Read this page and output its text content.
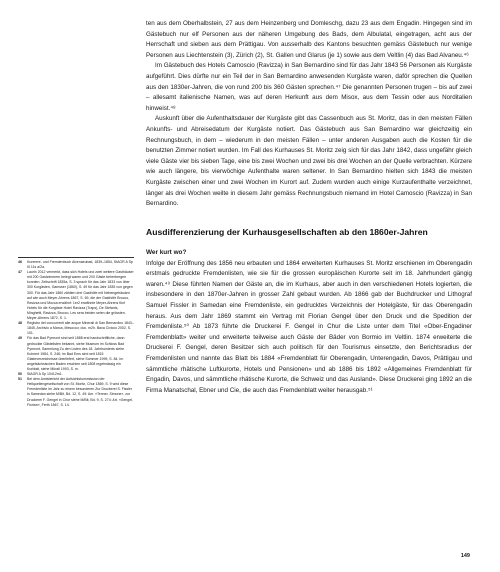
ten aus dem Oberhalbstein, 27 aus dem Heinzenberg und Domleschg, dazu 23 aus dem Engadin. Hingegen sind im Gästebuch nur elf Personen aus der näheren Umgebung des Bads, dem Albulatal, eingetragen, acht aus der Herrschaft und sieben aus dem Prättigau. Von ausserhalb des Kantons besuchten gemäss Gästebuch nur wenige Personen aus Liechtenstein (3), Zürich (2), St. Gallen und Glarus (je 1) sowie aus dem Veltlin (4) das Bad Alvaneu.⁴⁶

Im Gästebuch des Hotels Camoscio (Ravizza) in San Bernardino sind für das Jahr 1843 56 Personen als Kurgäste aufgeführt. Dies dürfte nur ein Teil der in San Bernardino anwesenden Kurgäste waren, daför sprechen die Quellen aus den 1830er-Jahren, die von rund 200 bis 360 Gästen sprechen.⁴⁷ Die genannten Personen trugen – bis auf zwei – allesamt italienische Namen, was auf deren Herkunft aus dem Misox, aus dem Tessin oder aus Norditalien hinweist.⁴⁸

Auskunft über die Aufenthaltsdauer der Kurgäste gibt das Cassenbuch aus St. Moritz, das in den meisten Fällen Ankunfts- und Abreisedatum der Kurgäste notiert. Das Gästebuch aus San Bernardino war gleichzeitig ein Rechnungsbuch, in dem – wiederum in den meisten Fällen – unter anderen Ausgaben auch die Kosten für die benutzten Zimmer notiert wurden. Im Fall des Kurhauses St. Moritz zeig sich für das Jahr 1842, dass ungefähr gleich viele Gäste vier bis sieben Tage, eine bis zwei Wochen und zwei bis drei Wochen an der Quelle verbrachten. Kürzere wie auch längere, bis vierwöchige Aufenthalte waren seltener. In San Bernardino hielten sich 1843 die meisten Kurgäste zwischen einer und zwei Wochen im Kurort auf. Zudem wurden auch einige Kurzaufenthalte verzeichnet, länger als drei Wochen weilte in diesem Jahr gemäss Rechnungsbuch niemand im Hotel Camoscio (Ravizza) in San Bernardino.

Ausdifferenzierung der Kurhausgesellschaften ab den 1860er-Jahren
Wer kurt wo?

Infolge der Eröffnung des 1856 neu erbauten und 1864 erweiterten Kurhauses St. Moritz erschienen im Oberengadin erstmals gedruckte Fremdenlisten, wie sie für die grossen europäischen Kurorte seit im 18. Jahrhundert gängig waren.⁴⁹ Diese führten Namen der Gäste an, die im Kurhaus, aber auch in den verschiedenen Hotels logierten, die insbesondere in den 1870er-Jahren in grosser Zahl gebaut wurden. Ab 1866 gab der Buchdrucker und Lithograf Samuel Fissler in Samedan eine Fremdenliste, ein gedrucktes Verzeichnis der Hotelgäste, für das Oberengadin heraus. Aus dem Jahr 1869 stammt ein Vertrag mit Florian Gengel über den Druck und die Spedition der Fremdenliste.⁵⁰ Ab 1873 führte die Druckerei F. Gengel in Chur die Liste unter dem Titel «Ober-Engadiner Fremdenblatt» weiter und erweiterte teilweise auch Gäste der Bäder von Bormio im Veltlin. 1874 erweiterte die Druckerei F. Gengel, deren Besitzer sich auch politisch für den Tourismus einsetzte, den Berichtsradius der Fremdenlisten und nannte das Blatt bis 1884 «Fremdenblatt für Oberengadin, Unterengadin, Davos, Prättigau und sämmtliche rhätische Luftkurorte, Hotels und Pensionen» und ab 1886 bis 1892 «Allgemeines Fremdenblatt für Engadin, Davos, und sämmtliche rhätische Kurorte, die Schweiz und das Ausland». Diese Druckerei ging 1892 an die Firma Manatschal, Ebner und Cie, die auch das Fremdenblatt weiter herausgab.⁵¹

46	Kurerere- und Fremdenbuch Alvenaeubad, 1839–1854, StAGR A Sp III 11s a/2a.
47	Laurin 2012 vermerkt, dass sich Hotels und zwei weitere Gasthäuser mit 200 Gastzimmern belegt waren und 200 Gäste beherbergen konnten. Zeitschrift 1835a, S. 3 sprach für das Jahr 1833 von über 300 Kurgästen, Gamsser (1860), S. 49 für das Jahr 1835 von gegen 300. Für das Jahr 1860 zählten drei Gasthöfe mit Nebengebäuden auf wie auch Meyer-Ahrens 1867, S. 69, die der Gasthöfe Brocco, Ravizza und Mocca erwähnt: 1er2 erwähnte Meyer-Ahrens fünf Hotels für die Kurgäste Hotel Ravizza (Traps), De Stefanis, Minghetti, Ravizza, Brocco. Les sera beiden seien die grössten. Meyer-Ahrens 1872, S. 1.
48	Registro del concorrenti alle acque Minerali di San Bernardino 1843–1845, Archivio a Marca, Mesocco; doc. m2h. Bava Civicco 2002, S. 101.
49	Für das Bad Pyrmont sind seit 1888 erst handschriftliche, dann gedruckte Gästelisten bekannt, siehe Museum im Schloss Bad Pyrmont, Sammlung Zu den Listen des 18. Jahrhunderts siehe Kuhnert 1984, S. 246; im Bad Ems sind seit 1815 Gästeverzeichnisse überliefert, siehe Sommer 1999, S. 84. Im angelsächsischen Baden erschien seit 1808 regelmässig ein Kurblatt, siehe Mürall 1993, S. m.
50	StAGR A Sp 10412m1.
51	Bei dem Amtsbericht der Aufsichtskommission der Heilquellengesellschaft von St. Moritz, Chur 1869, S. 9 wird diese Fremdenliste im Jahr zu einem besonderen Zur Druckerei S. Fissler in Samedan siehe M/Bit, Bd. 12, S. 49: Am. «Tenner, Simone», zur Druckerei F. Gengel in Chur siehe M/Bit, Bd. 9, S. 274: Art. «Gengel, Florian», Ferth 1867, S. 14.
149
